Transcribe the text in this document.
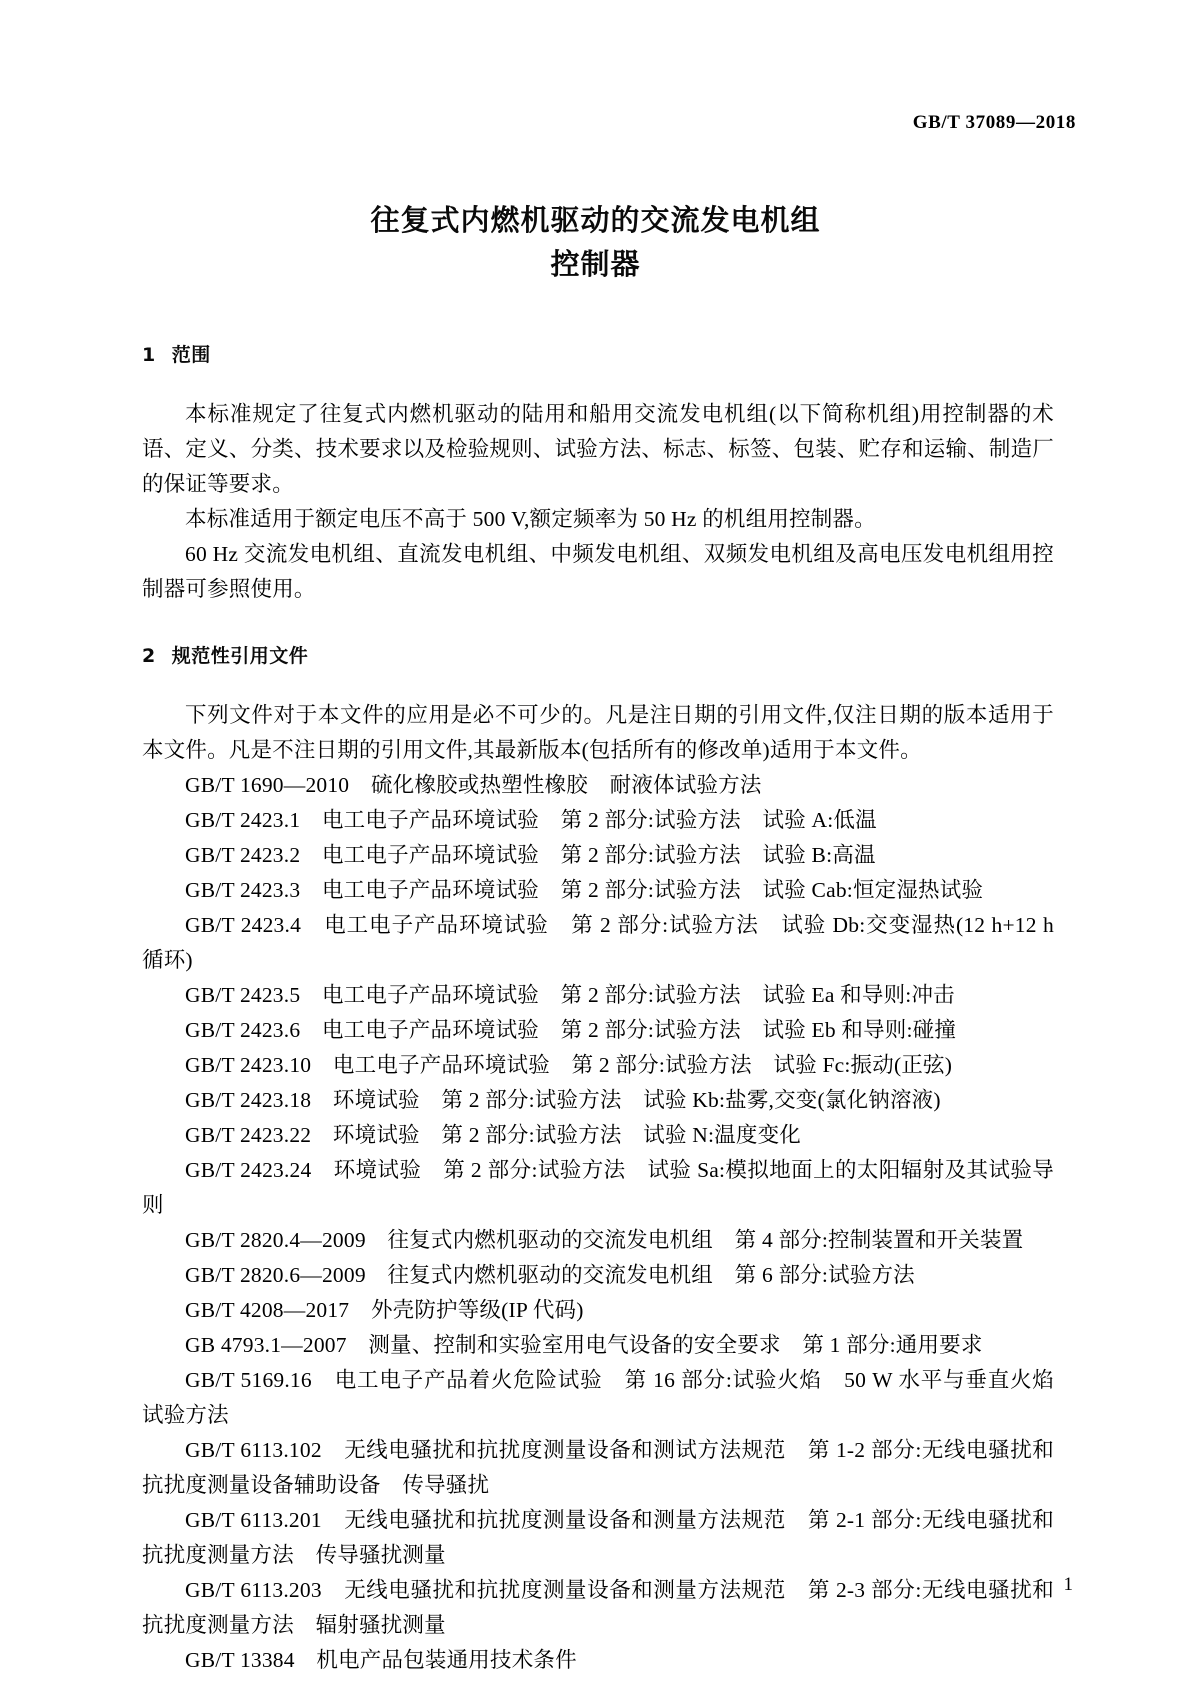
GB/T 37089—2018
往复式内燃机驱动的交流发电机组
控制器
1 范围

本标准规定了往复式内燃机驱动的陆用和船用交流发电机组(以下简称机组)用控制器的术语、定义、分类、技术要求以及检验规则、试验方法、标志、标签、包装、贮存和运输、制造厂的保证等要求。

本标准适用于额定电压不高于 500 V,额定频率为 50 Hz 的机组用控制器。

60 Hz 交流发电机组、直流发电机组、中频发电机组、双频发电机组及高电压发电机组用控制器可参照使用。

2 规范性引用文件

下列文件对于本文件的应用是必不可少的。凡是注日期的引用文件,仅注日期的版本适用于本文件。凡是不注日期的引用文件,其最新版本(包括所有的修改单)适用于本文件。

GB/T 1690—2010　硫化橡胶或热塑性橡胶　耐液体试验方法
GB/T 2423.1　电工电子产品环境试验　第 2 部分:试验方法　试验 A:低温
GB/T 2423.2　电工电子产品环境试验　第 2 部分:试验方法　试验 B:高温
GB/T 2423.3　电工电子产品环境试验　第 2 部分:试验方法　试验 Cab:恒定湿热试验
GB/T 2423.4　电工电子产品环境试验　第 2 部分:试验方法　试验 Db:交变湿热(12 h+12 h 循环)
GB/T 2423.5　电工电子产品环境试验　第 2 部分:试验方法　试验 Ea 和导则:冲击
GB/T 2423.6　电工电子产品环境试验　第 2 部分:试验方法　试验 Eb 和导则:碰撞
GB/T 2423.10　电工电子产品环境试验　第 2 部分:试验方法　试验 Fc:振动(正弦)
GB/T 2423.18　环境试验　第 2 部分:试验方法　试验 Kb:盐雾,交变(氯化钠溶液)
GB/T 2423.22　环境试验　第 2 部分:试验方法　试验 N:温度变化
GB/T 2423.24　环境试验　第 2 部分:试验方法　试验 Sa:模拟地面上的太阳辐射及其试验导则
GB/T 2820.4—2009　往复式内燃机驱动的交流发电机组　第 4 部分:控制装置和开关装置
GB/T 2820.6—2009　往复式内燃机驱动的交流发电机组　第 6 部分:试验方法
GB/T 4208—2017　外壳防护等级(IP 代码)
GB 4793.1—2007　测量、控制和实验室用电气设备的安全要求　第 1 部分:通用要求
GB/T 5169.16　电工电子产品着火危险试验　第 16 部分:试验火焰　50 W 水平与垂直火焰试验方法
GB/T 6113.102　无线电骚扰和抗扰度测量设备和测试方法规范　第 1-2 部分:无线电骚扰和抗扰度测量设备辅助设备　传导骚扰
GB/T 6113.201　无线电骚扰和抗扰度测量设备和测量方法规范　第 2-1 部分:无线电骚扰和抗扰度测量方法　传导骚扰测量
GB/T 6113.203　无线电骚扰和抗扰度测量设备和测量方法规范　第 2-3 部分:无线电骚扰和抗扰度测量方法　辐射骚扰测量
GB/T 13384　机电产品包装通用技术条件
1
